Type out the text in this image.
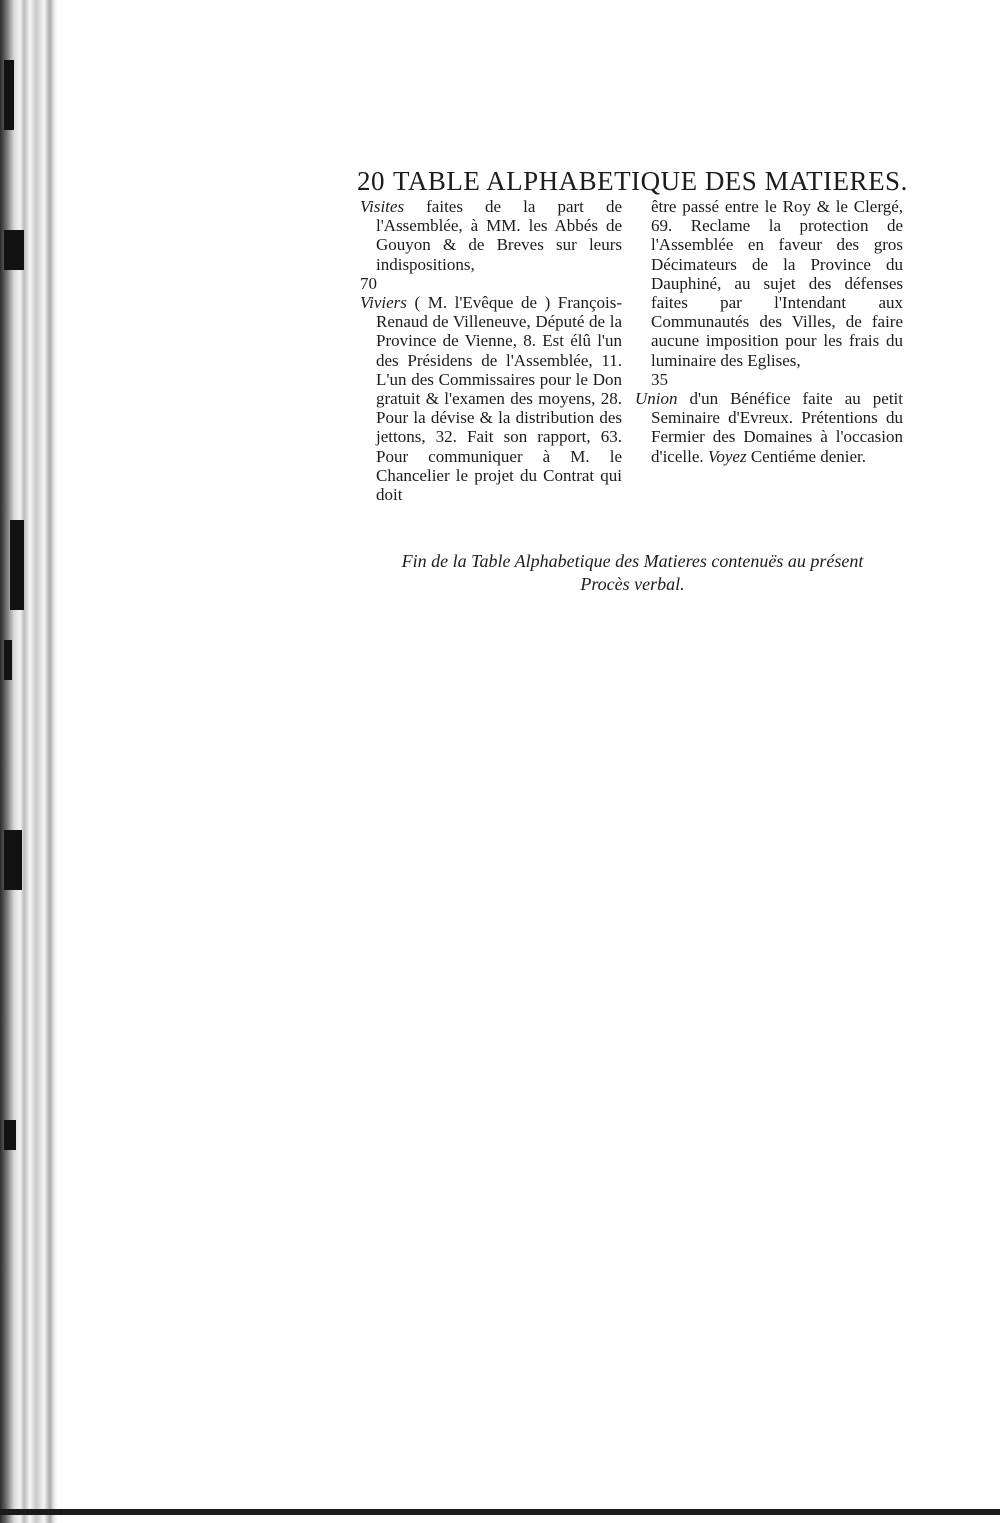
20 TABLE ALPHABETIQUE DES MATIERES.
Visites faites de la part de l'Assemblée, à MM. les Abbés de Gouyon & de Breves sur leurs indispositions,
70
Viviers ( M. l'Evêque de ) François-Renaud de Villeneuve, Député de la Province de Vienne, 8. Est élû l'un des Présidens de l'Assemblée, 11. L'un des Commissaires pour le Don gratuit & l'examen des moyens, 28. Pour la dévise & la distribution des jettons, 32. Fait son rapport, 63. Pour communiquer à M. le Chancelier le projet du Contrat qui doit
être passé entre le Roy & le Clergé, 69. Reclame la protection de l'Assemblée en faveur des gros Décimateurs de la Province du Dauphiné, au sujet des défenses faites par l'Intendant aux Communautés des Villes, de faire aucune imposition pour les frais du luminaire des Eglises,
35
Union d'un Bénéfice faite au petit Seminaire d'Evreux. Prétentions du Fermier des Domaines à l'occasion d'icelle. Voyez Centiéme denier.
Fin de la Table Alphabetique des Matieres contenuës au présent
Procès verbal.
